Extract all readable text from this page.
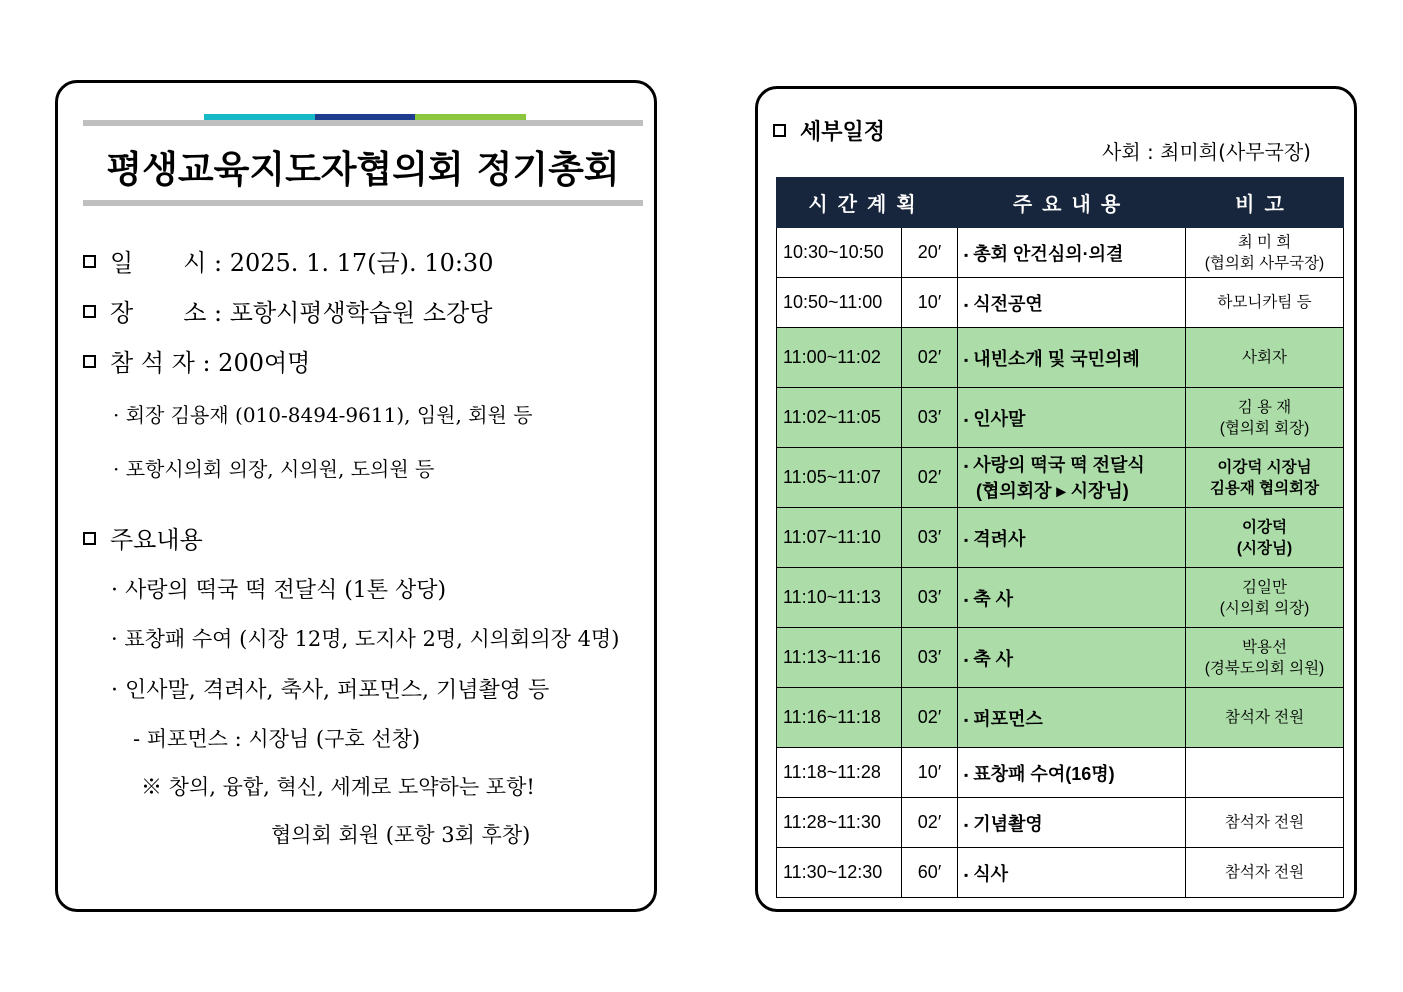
평생교육지도자협의회 정기총회
일 시 : 2025. 1. 17(금). 10:30
장 소 : 포항시평생학습원 소강당
참 석 자 : 200여명
· 회장 김용재 (010-8494-9611), 임원, 회원 등
· 포항시의회 의장, 시의원, 도의원 등
주요내용
· 사랑의 떡국 떡 전달식 (1톤 상당)
· 표창패 수여 (시장 12명, 도지사 2명, 시의회의장 4명)
· 인사말, 격려사, 축사, 퍼포먼스, 기념촬영 등
- 퍼포먼스 : 시장님 (구호 선창)
※ 창의, 융합, 혁신, 세계로 도약하는 포항!
협의회 회원 (포항 3회 후창)
세부일정
사회 : 최미희(사무국장)
시간계획		주요내용	비고
10:30~10:50	20′	▪ 총회 안건심의·의결	최 미 희
(협의회 사무국장)
10:50~11:00	10′	▪ 식전공연	하모니카팀 등
11:00~11:02	02′	▪ 내빈소개 및 국민의례	사회자
11:02~11:05	03′	▪ 인사말	김 용 재
(협의회 회장)
11:05~11:07	02′	▪ 사랑의 떡국 떡 전달식
(협의회장 ▸ 시장님)	이강덕 시장님
김용재 협의회장
11:07~11:10	03′	▪ 격려사	이강덕
(시장님)
11:10~11:13	03′	▪ 축 사	김일만
(시의회 의장)
11:13~11:16	03′	▪ 축 사	박용선
(경북도의회 의원)
11:16~11:18	02′	▪ 퍼포먼스	참석자 전원
11:18~11:28	10′	▪ 표창패 수여(16명)	
11:28~11:30	02′	▪ 기념촬영	참석자 전원
11:30~12:30	60′	▪ 식사	참석자 전원
